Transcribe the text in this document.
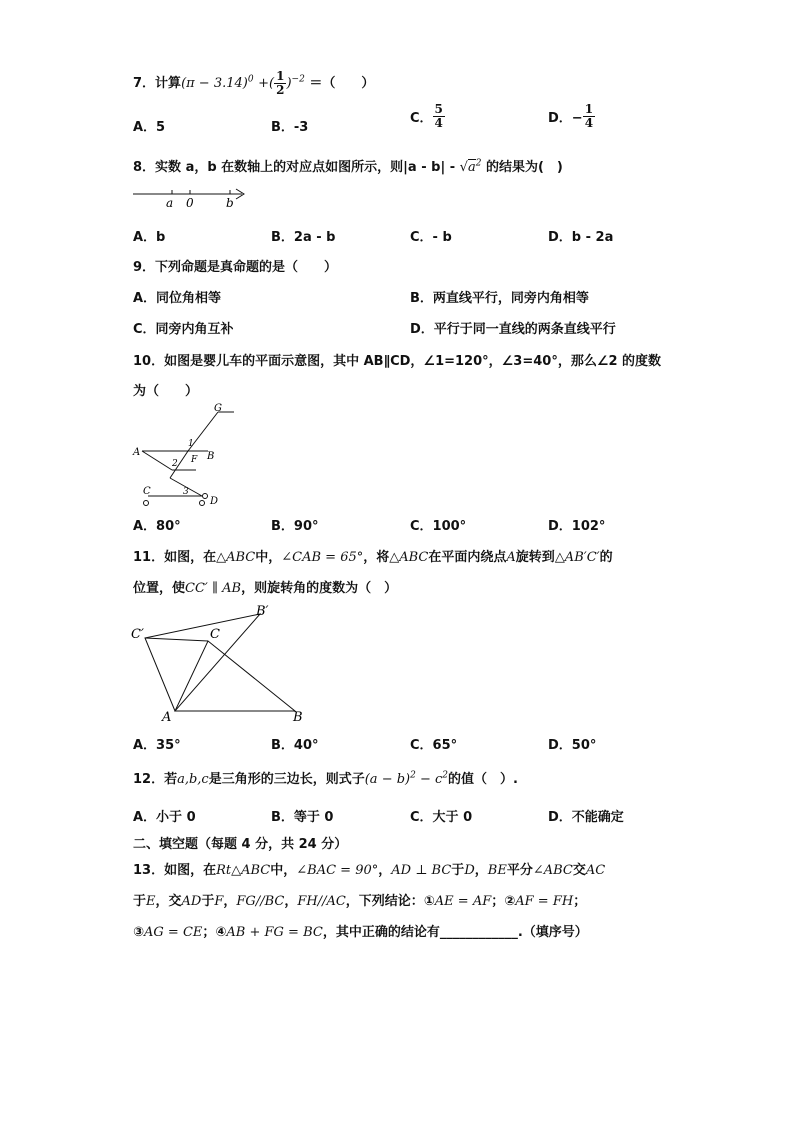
7．计算$(\pi - 3.14)^0$ +( $\frac{1}{2} )^{-2}$ ＝（　　）
A．5	B．-3
C． $\frac{5}{4}$	D．− $\frac{1}{4}$
8．实数 a，b 在数轴上的对应点如图所示，则$|a - b| - √a^2$ 的结果为(　)
a 0	b
A．b	B．2a - b	C．- b	D．b - 2a
9．下列命题是真命题的是（　　）
A．同位角相等	B．两直线平行，同旁内角相等
C．同旁内角互补	D．平行于同一直线的两条直线平行
10．如图是婴儿车的平面示意图，其中 AB∥CD，∠1=120°，∠3=40°，那么∠2 的度数
为（　　）
G
A	B
F
C
D
1
2
3
A．80°	B．90°	C．100°	D．102°
11．如图，在△ABC中，∠CAB = 65°，将△ABC在平面内绕点A旋转到△AB′C′的
位置，使CC′ ∥ AB，则旋转角的度数为（　）
C′	C
B′
A	B
A．35°	B．40°	C．65°	D．50°
12．若a,b,c是三角形的三边长，则式子$(a - b)^2 - c^2$的值（　）.
A．小于 0	B．等于 0	C．大于 0	D．不能确定
二、填空题（每题 4 分，共 24 分）
13．如图，在Rt△ABC中，∠BAC = 90°，AD ⊥ BC于D，BE平分∠ABC交AC
于E，交AD于F，FG//BC，FH//AC，下列结论：①AE = AF；②AF = FH；
③AG = CE；④AB + FG = BC，其中正确的结论有____________.（填序号）
